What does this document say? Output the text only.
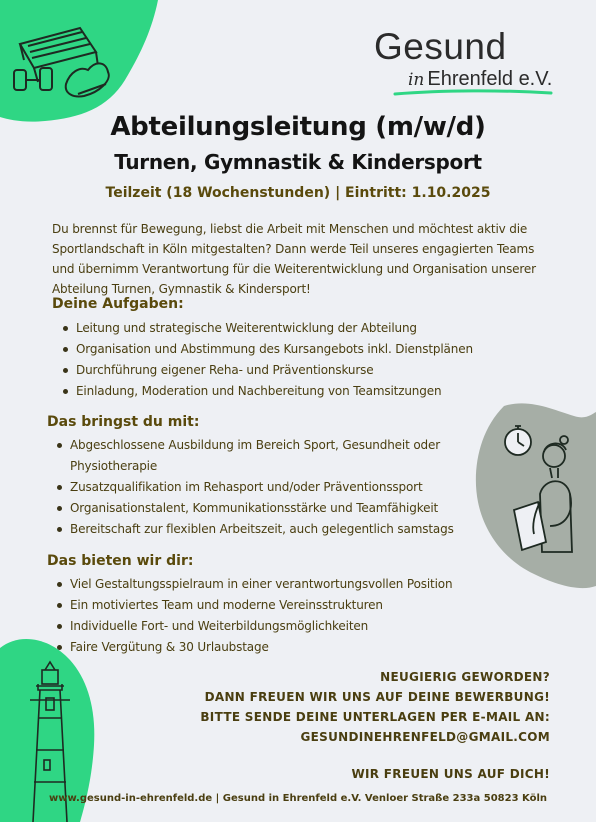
Gesund
in Ehrenfeld e.V.
Abteilungsleitung (m/w/d)
Turnen, Gymnastik & Kindersport

Teilzeit (18 Wochenstunden) | Eintritt: 1.10.2025

Du brennst für Bewegung, liebst die Arbeit mit Menschen und möchtest aktiv die Sportlandschaft in Köln mitgestalten? Dann werde Teil unseres engagierten Teams und übernimm Verantwortung für die Weiterentwicklung und Organisation unserer Abteilung Turnen, Gymnastik & Kindersport!

Deine Aufgaben:

Leitung und strategische Weiterentwicklung der Abteilung
Organisation und Abstimmung des Kursangebots inkl. Dienstplänen
Durchführung eigener Reha- und Präventionskurse
Einladung, Moderation und Nachbereitung von Teamsitzungen

Das bringst du mit:

Abgeschlossene Ausbildung im Bereich Sport, Gesundheit oder Physiotherapie
Zusatzqualifikation im Rehasport und/oder Präventionssport
Organisationstalent, Kommunikationsstärke und Teamfähigkeit
Bereitschaft zur flexiblen Arbeitszeit, auch gelegentlich samstags

Das bieten wir dir:

Viel Gestaltungsspielraum in einer verantwortungsvollen Position
Ein motiviertes Team und moderne Vereinsstrukturen
Individuelle Fort- und Weiterbildungsmöglichkeiten
Faire Vergütung & 30 Urlaubstage

NEUGIERIG GEWORDEN?

DANN FREUEN WIR UNS AUF DEINE BEWERBUNG!

BITTE SENDE DEINE UNTERLAGEN PER E-MAIL AN:

GESUNDINEHRENFELD@GMAIL.COM

WIR FREUEN UNS AUF DICH!

www.gesund-in-ehrenfeld.de | Gesund in Ehrenfeld e.V. Venloer Straße 233a 50823 Köln
